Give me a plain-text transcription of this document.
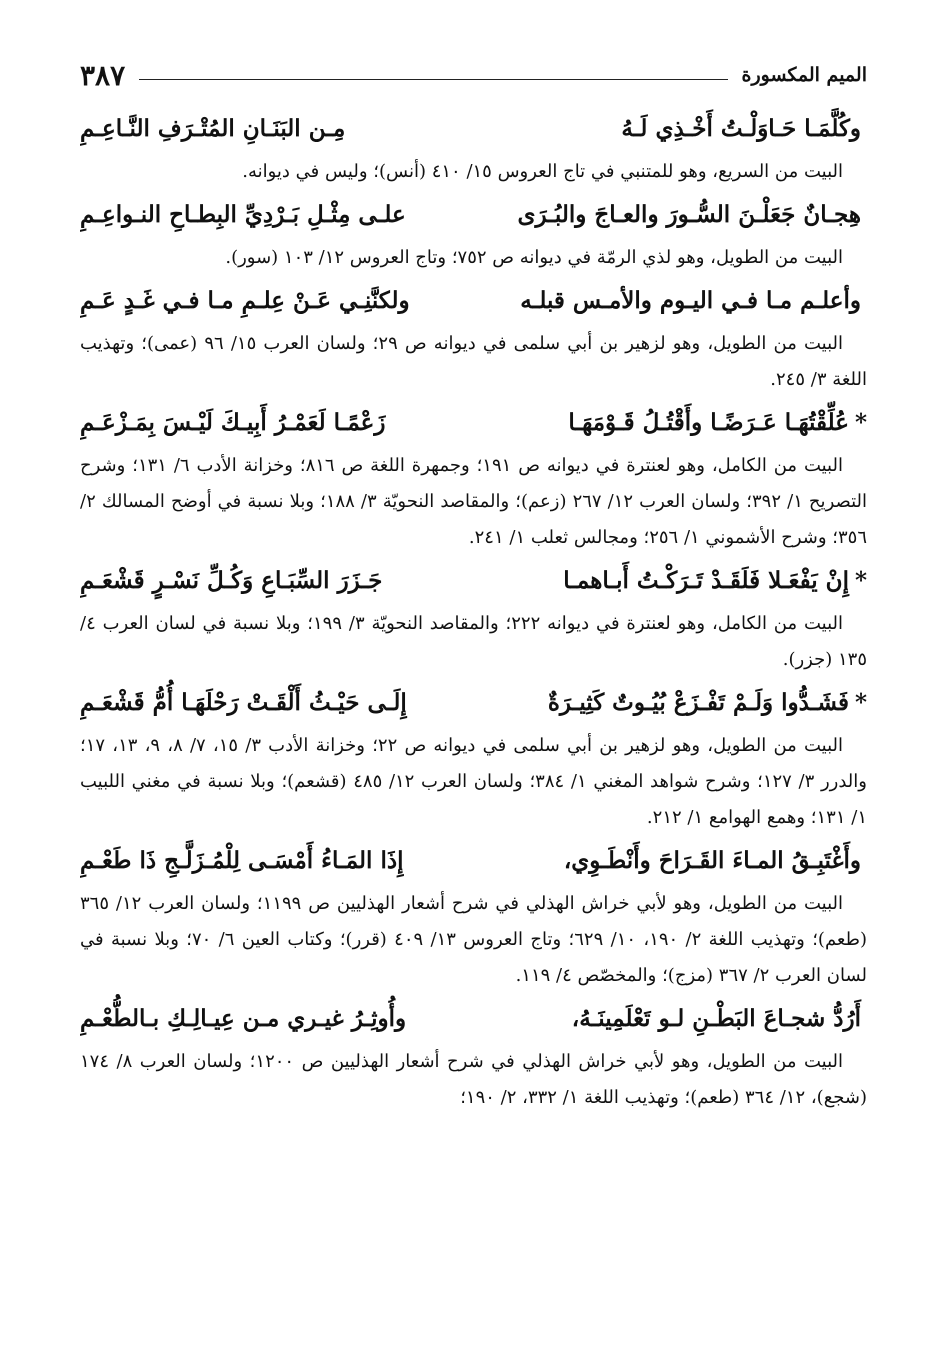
الميم المكسورة
٣٨٧
وكُلَّمَـا حَـاوَلْـتُ أَخْـذِي لَـهُ
مِـن البَنَـانِ المُتْـرَفِ النَّـاعِـمِ

البيت من السريع، وهو للمتنبي في تاج العروس ١٥/ ٤١٠ (أنس)؛ وليس في ديوانه.

هِجـانٌ جَعَلْـنَ السُّـورَ والعـاجَ والبُـرَى
علـى مِثْـلِ بَـرْدِيِّ البِطـاحِ النـواعِـمِ

البيت من الطويل، وهو لذي الرمّة في ديوانه ص ٧٥٢؛ وتاج العروس ١٢/ ١٠٣ (سور).

وأعلـم مـا فـي اليـوم والأمـس قبلـه
ولكنَّنِـي عَـنْ عِلـمِ مـا فـي غَـدٍ عَـمِ

البيت من الطويل، وهو لزهير بن أبي سلمى في ديوانه ص ٢٩؛ ولسان العرب ١٥/ ٩٦ (عمى)؛ وتهذيب اللغة ٣/ ٢٤٥.

*عُلِّقْتُهَـا عَـرَضًـا وأَقْتُـلُ قَـوْمَهَـا
زَعْمًـا لَعَمْـرُ أَبِيـكَ لَيْـسَ بِمَـزْعَـمِ

البيت من الكامل، وهو لعنترة في ديوانه ص ١٩١؛ وجمهرة اللغة ص ٨١٦؛ وخزانة الأدب ٦/ ١٣١؛ وشرح التصريح ١/ ٣٩٢؛ ولسان العرب ١٢/ ٢٦٧ (زعم)؛ والمقاصد النحويّة ٣/ ١٨٨؛ وبلا نسبة في أوضح المسالك ٢/ ٣٥٦؛ وشرح الأشموني ١/ ٢٥٦؛ ومجالس ثعلب ١/ ٢٤١.

*إِنْ يَفْعَـلا فَلَقَـدْ تَـرَكْـتُ أَبـاهمـا
جَـزَرَ السِّبَـاعِ وَكُـلِّ نَسْـرٍ قَشْعَـمِ

البيت من الكامل، وهو لعنترة في ديوانه ٢٢٢؛ والمقاصد النحويّة ٣/ ١٩٩؛ وبلا نسبة في لسان العرب ٤/ ١٣٥ (جزر).

*فَشَـدُّوا وَلَـمْ تَفْـزَعْ بُيُـوتٌ كَثِيـرَةٌ
إِلَـى حَيْـثُ أَلْقَـتْ رَحْلَهَـا أُمُّ قَشْعَـمِ

البيت من الطويل، وهو لزهير بن أبي سلمى في ديوانه ص ٢٢؛ وخزانة الأدب ٣/ ١٥، ٧/ ٨، ٩، ١٣، ١٧؛ والدرر ٣/ ١٢٧؛ وشرح شواهد المغني ١/ ٣٨٤؛ ولسان العرب ١٢/ ٤٨٥ (قشعم)؛ وبلا نسبة في مغني اللبيب ١/ ١٣١؛ وهمع الهوامع ١/ ٢١٢.

وأَغْتَبِـقُ المـاءَ القَـرَاحَ وأَنْطَـوِي،
إِذَا المَـاءُ أَمْسَـى لِلْمُـزَلَّـجِ ذَا طَعْـمِ

البيت من الطويل، وهو لأبي خراش الهذلي في شرح أشعار الهذليين ص ١١٩٩؛ ولسان العرب ١٢/ ٣٦٥ (طعم)؛ وتهذيب اللغة ٢/ ١٩٠، ١٠/ ٦٢٩؛ وتاج العروس ١٣/ ٤٠٩ (قرر)؛ وكتاب العين ٦/ ٧٠؛ وبلا نسبة في لسان العرب ٢/ ٣٦٧ (مزج)؛ والمخصّص ٤/ ١١٩.

أَرُدُّ شجـاعَ البَطْـنِ لـو تَعْلَمِينَـهُ،
وأُوثِـرُ غيـري مـن عِيـالِـكِ بـالطُّعْـمِ

البيت من الطويل، وهو لأبي خراش الهذلي في شرح أشعار الهذليين ص ١٢٠٠؛ ولسان العرب ٨/ ١٧٤ (شجع)، ١٢/ ٣٦٤ (طعم)؛ وتهذيب اللغة ١/ ٣٣٢، ٢/ ١٩٠؛
